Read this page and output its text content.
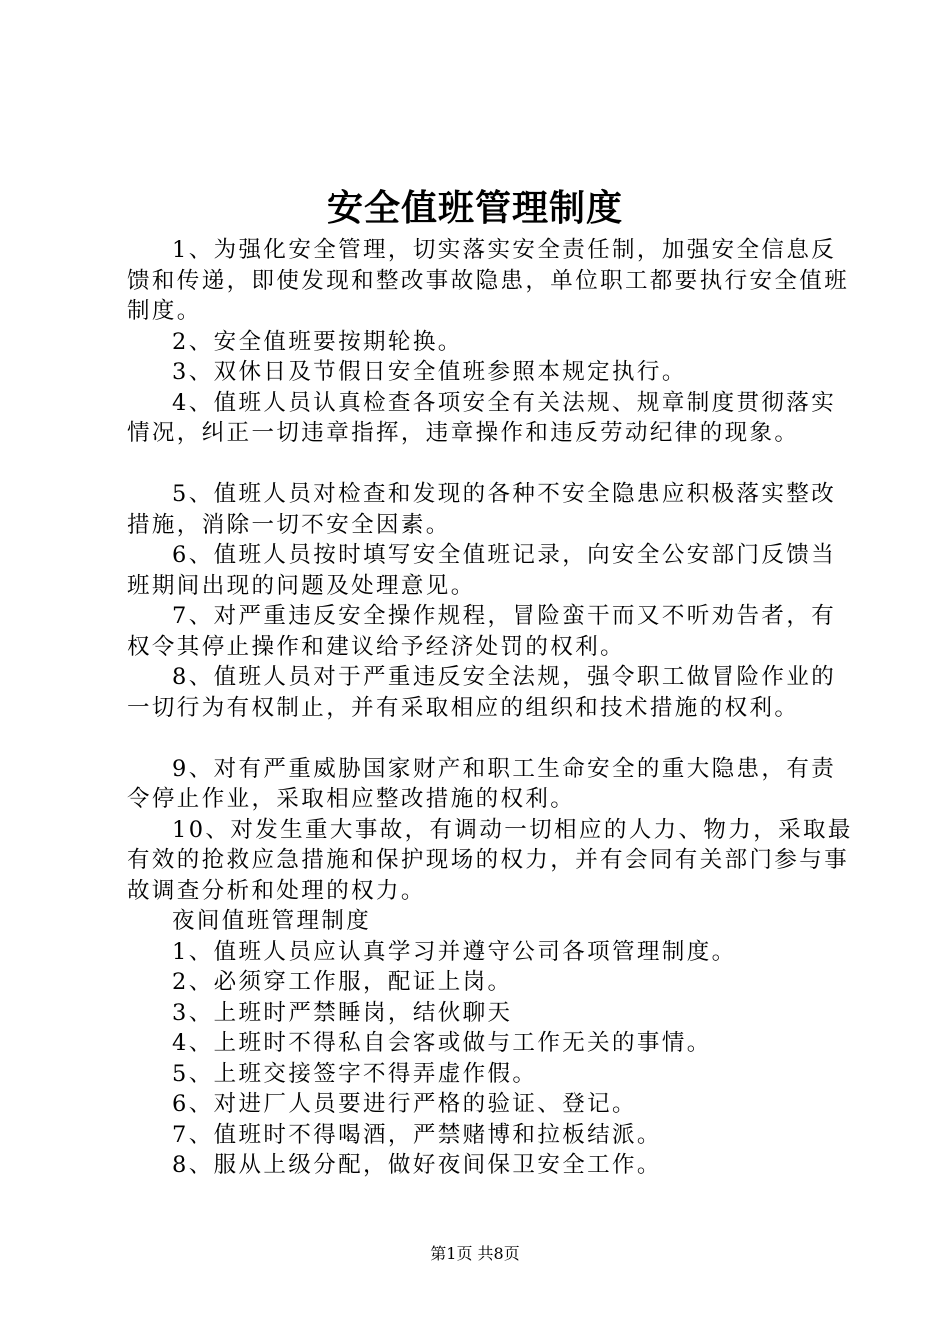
安全值班管理制度

1、为强化安全管理，切实落实安全责任制，加强安全信息反馈和传递，即使发现和整改事故隐患，单位职工都要执行安全值班制度。

2、安全值班要按期轮换。

3、双休日及节假日安全值班参照本规定执行。

4、值班人员认真检查各项安全有关法规、规章制度贯彻落实情况，纠正一切违章指挥，违章操作和违反劳动纪律的现象。

5、值班人员对检查和发现的各种不安全隐患应积极落实整改措施，消除一切不安全因素。

6、值班人员按时填写安全值班记录，向安全公安部门反馈当班期间出现的问题及处理意见。

7、对严重违反安全操作规程，冒险蛮干而又不听劝告者，有权令其停止操作和建议给予经济处罚的权利。

8、值班人员对于严重违反安全法规，强令职工做冒险作业的一切行为有权制止，并有采取相应的组织和技术措施的权利。

9、对有严重威胁国家财产和职工生命安全的重大隐患，有责令停止作业，采取相应整改措施的权利。

10、对发生重大事故，有调动一切相应的人力、物力，采取最有效的抢救应急措施和保护现场的权力，并有会同有关部门参与事故调查分析和处理的权力。

夜间值班管理制度

1、值班人员应认真学习并遵守公司各项管理制度。

2、必须穿工作服，配证上岗。

3、上班时严禁睡岗，结伙聊天

4、上班时不得私自会客或做与工作无关的事情。

5、上班交接签字不得弄虚作假。

6、对进厂人员要进行严格的验证、登记。

7、值班时不得喝酒，严禁赌博和拉板结派。

8、服从上级分配，做好夜间保卫安全工作。

第1页 共8页
